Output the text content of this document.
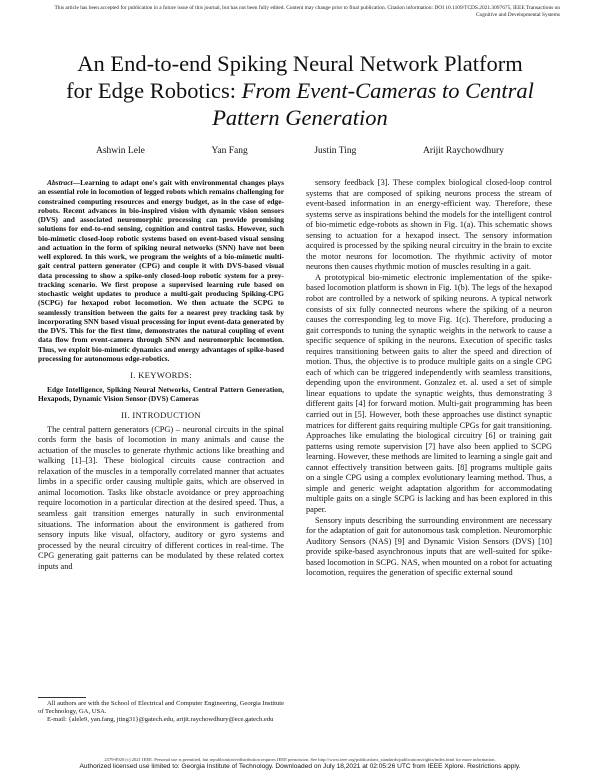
This article has been accepted for publication in a future issue of this journal, but has not been fully edited. Content may change prior to final publication. Citation information: DOI 10.1109/TCDS.2021.3097675, IEEE Transactions on Cognitive and Developmental Systems
An End-to-end Spiking Neural Network Platform
for Edge Robotics: From Event-Cameras to Central
Pattern Generation
Ashwin Lele	Yan Fang	Justin Ting	Arijit Raychowdhury

Abstract—Learning to adapt one's gait with environmental changes plays an essential role in locomotion of legged robots which remains challenging for constrained computing resources and energy budget, as in the case of edge-robots. Recent advances in bio-inspired vision with dynamic vision sensors (DVS) and associated neuromorphic processing can provide promising solutions for end-to-end sensing, cognition and control tasks. However, such bio-mimetic closed-loop robotic systems based on event-based visual sensing and actuation in the form of spiking neural networks (SNN) have not been well explored. In this work, we program the weights of a bio-mimetic multi-gait central pattern generator (CPG) and couple it with DVS-based visual data processing to show a spike-only closed-loop robotic system for a prey-tracking scenario. We first propose a supervised learning rule based on stochastic weight updates to produce a multi-gait producing Spiking-CPG (SCPG) for hexapod robot locomotion. We then actuate the SCPG to seamlessly transition between the gaits for a nearest prey tracking task by incorporating SNN based visual processing for input event-data generated by the DVS. This for the first time, demonstrates the natural coupling of event data flow from event-camera through SNN and neuromorphic locomotion. Thus, we exploit bio-mimetic dynamics and energy advantages of spike-based processing for autonomous edge-robotics.

I. KEYWORDS:

Edge Intelligence, Spiking Neural Networks, Central Pattern Generation, Hexapods, Dynamic Vision Sensor (DVS) Cameras

II. INTRODUCTION

The central pattern generators (CPG) – neuronal circuits in the spinal cords form the basis of locomotion in many animals and cause the actuation of the muscles to generate rhythmic actions like breathing and walking [1]–[3]. These biological circuits cause contraction and relaxation of the muscles in a temporally correlated manner that actuates limbs in a specific order causing multiple gaits, which are observed in animal locomotion. Tasks like obstacle avoidance or prey approaching require locomotion in a particular direction at the desired speed. Thus, a seamless gait transition emerges naturally in such environmental situations. The information about the environment is gathered from sensory inputs like visual, olfactory, auditory or gyro systems and processed by the neural circuitry of different cortices in real-time. The CPG generating gait patterns can be modulated by these related cortex inputs and

sensory feedback [3]. These complex biological closed-loop control systems that are composed of spiking neurons process the stream of event-based information in an energy-efficient way. Therefore, these systems serve as inspirations behind the models for the intelligent control of bio-mimetic edge-robots as shown in Fig. 1(a). This schematic shows sensing to actuation for a hexapod insect. The sensory information acquired is processed by the spiking neural circuitry in the brain to excite the motor neurons for locomotion. The rhythmic activity of motor neurons then causes rhythmic motion of muscles resulting in a gait.

A prototypical bio-mimetic electronic implementation of the spike-based locomotion platform is shown in Fig. 1(b). The legs of the hexapod robot are controlled by a network of spiking neurons. A typical network consists of six fully connected neurons where the spiking of a neuron causes the corresponding leg to move Fig. 1(c). Therefore, producing a gait corresponds to tuning the synaptic weights in the network to cause a specific sequence of spiking in the neurons. Execution of specific tasks requires transitioning between gaits to alter the speed and direction of motion. Thus, the objective is to produce multiple gaits on a single CPG each of which can be triggered independently with seamless transitions, depending upon the environment. Gonzalez et. al. used a set of simple linear equations to update the synaptic weights, thus demonstrating 3 different gaits [4] for forward motion. Multi-gait programming has been carried out in [5]. However, both these approaches use distinct synaptic matrices for different gaits requiring multiple CPGs for gait transitioning. Approaches like emulating the biological circuitry [6] or training gait patterns using remote supervision [7] have also been applied to SCPG learning. However, these methods are limited to learning a single gait and cannot effectively transition between gaits. [8] programs multiple gaits on a single CPG using a complex evolutionary learning method. Thus, a simple and generic weight adaptation algorithm for accommodating multiple gaits on a single SCPG is lacking and has been explored in this paper.

Sensory inputs describing the surrounding environment are necessary for the adaptation of gait for autonomous task completion. Neuromorphic Auditory Sensors (NAS) [9] and Dynamic Vision Sensors (DVS) [10] provide spike-based asynchronous inputs that are well-suited for spike-based locomotion in SCPG. NAS, when mounted on a robot for actuating locomotion, requires the generation of specific external sound

All authors are with the School of Electrical and Computer Engineering, Georgia Institute of Technology, GA, USA.

E-mail: {alele9, yan.fang, jting31}@gatech.edu, arijit.raychowdhury@ece.gatech.edu

2379-8920 (c) 2021 IEEE. Personal use is permitted, but republication/redistribution requires IEEE permission. See http://www.ieee.org/publications_standards/publications/rights/index.html for more information.
Authorized licensed use limited to: Georgia Institute of Technology. Downloaded on July 18,2021 at 02:05:26 UTC from IEEE Xplore. Restrictions apply.
